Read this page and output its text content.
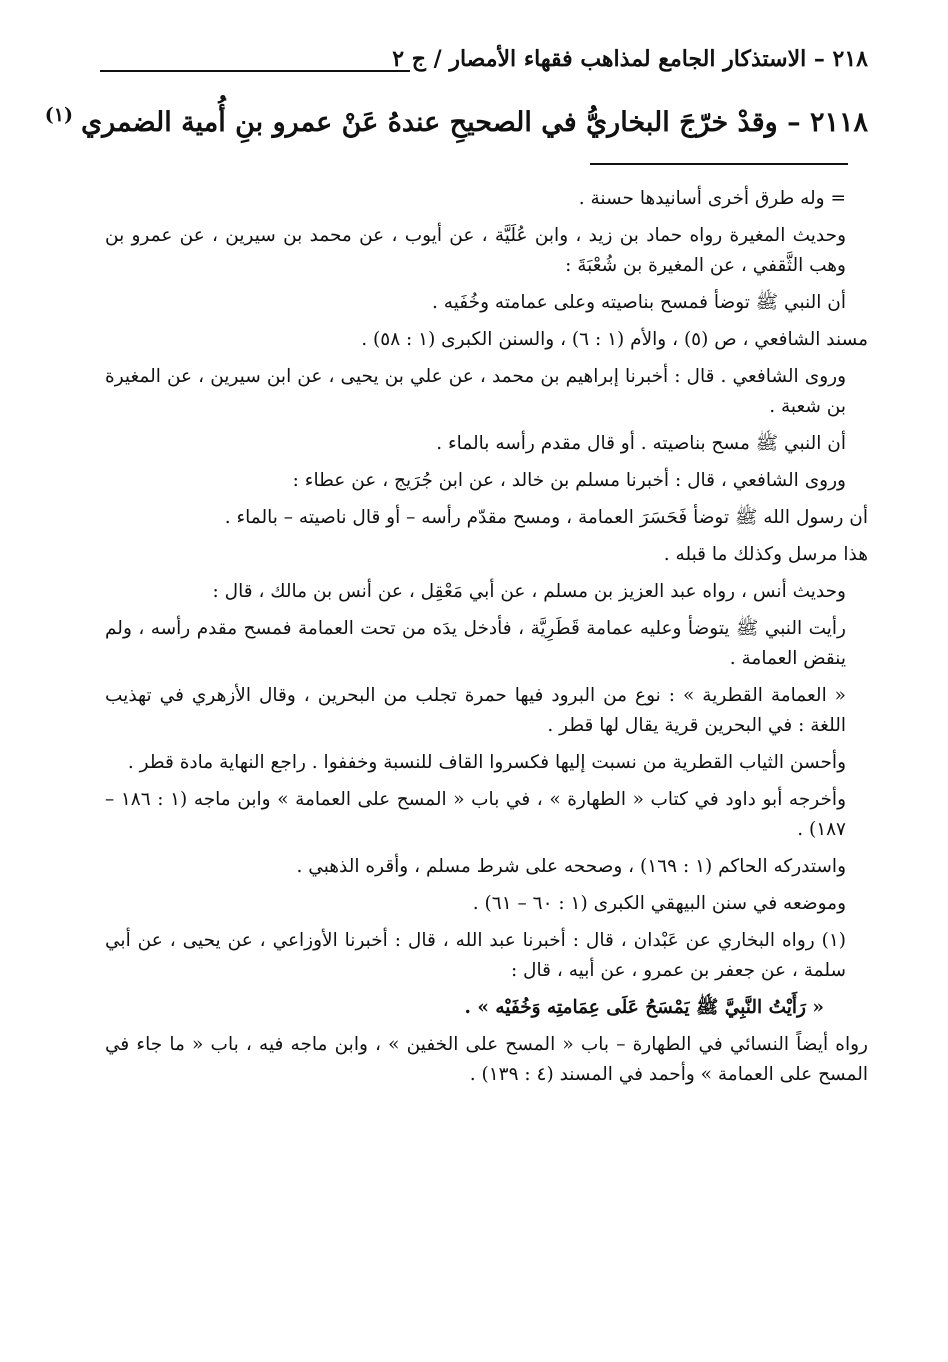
٢١٨ – الاستذكار الجامع لمذاهب فقهاء الأمصار / ج ٢
٢١١٨ – وقدْ خرّجَ البخاريُّ في الصحيحِ عندهُ عَنْ عمرو بنِ أُمية الضمري$^{(١)}$

= وله طرق أخرى أسانيدها حسنة .

وحديث المغيرة رواه حماد بن زيد ، وابن عُلَيَّة ، عن أيوب ، عن محمد بن سيرين ، عن عمرو بن وهب الثَّقفي ، عن المغيرة بن شُعْبَةَ :

أن النبي ﷺ توضأ فمسح بناصيته وعلى عمامته وخُفَيه .

مسند الشافعي ، ص (٥) ، والأم (١ : ٦) ، والسنن الكبرى (١ : ٥٨) .

وروى الشافعي . قال : أخبرنا إبراهيم بن محمد ، عن علي بن يحيى ، عن ابن سيرين ، عن المغيرة بن شعبة .

أن النبي ﷺ مسح بناصيته . أو قال مقدم رأسه بالماء .

وروى الشافعي ، قال : أخبرنا مسلم بن خالد ، عن ابن جُرَيج ، عن عطاء :

أن رسول الله ﷺ توضأ فَحَسَرَ العمامة ، ومسح مقدّم رأسه – أو قال ناصيته – بالماء .

هذا مرسل وكذلك ما قبله .

وحديث أنس ، رواه عبد العزيز بن مسلم ، عن أبي مَعْقِل ، عن أنس بن مالك ، قال :

رأيت النبي ﷺ يتوضأ وعليه عمامة قَطَرِيَّة ، فأدخل يدَه من تحت العمامة فمسح مقدم رأسه ، ولم ينقض العمامة .

« العمامة القطرية » : نوع من البرود فيها حمرة تجلب من البحرين ، وقال الأزهري في تهذيب اللغة : في البحرين قرية يقال لها قطر .

وأحسن الثياب القطرية من نسبت إليها فكسروا القاف للنسبة وخففوا . راجع النهاية مادة قطر .

وأخرجه أبو داود في كتاب « الطهارة » ، في باب « المسح على العمامة » وابن ماجه (١ : ١٨٦ – ١٨٧) .

واستدركه الحاكم (١ : ١٦٩) ، وصححه على شرط مسلم ، وأقره الذهبي .

وموضعه في سنن البيهقي الكبرى (١ : ٦٠ – ٦١) .

(١) رواه البخاري عن عَبْدان ، قال : أخبرنا عبد الله ، قال : أخبرنا الأوزاعي ، عن يحيى ، عن أبي سلمة ، عن جعفر بن عمرو ، عن أبيه ، قال :

« رَأَيْتُ النَّبِيَّ ﷺ يَمْسَحُ عَلَى عِمَامتِه وَخُفَيْه » .

رواه أيضاً النسائي في الطهارة – باب « المسح على الخفين » ، وابن ماجه فيه ، باب « ما جاء في المسح على العمامة » وأحمد في المسند (٤ : ١٣٩) .
